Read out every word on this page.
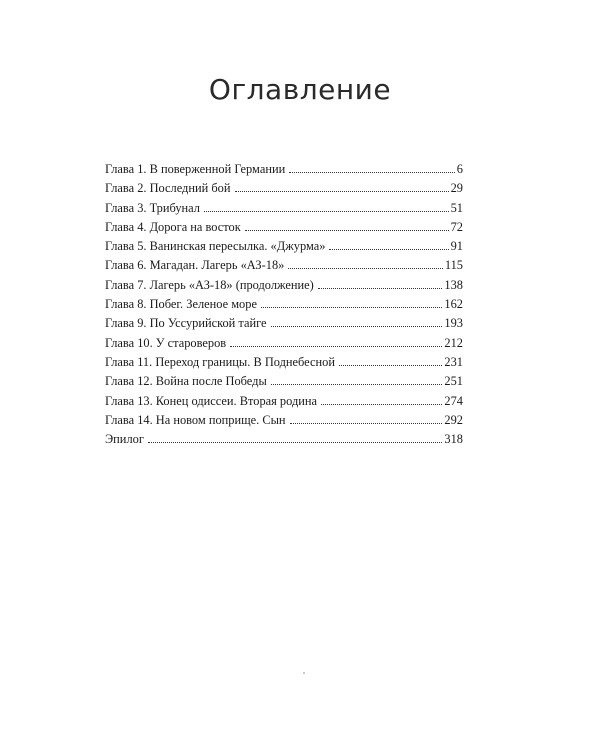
Оглавление
Глава 1. В поверженной Германии	6
Глава 2. Последний бой	29
Глава 3. Трибунал	51
Глава 4. Дорога на восток	72
Глава 5. Ванинская пересылка. «Джурма»	91
Глава 6. Магадан. Лагерь «АЗ-18»	115
Глава 7. Лагерь «АЗ-18» (продолжение)	138
Глава 8. Побег. Зеленое море	162
Глава 9. По Уссурийской тайге	193
Глава 10. У староверов	212
Глава 11. Переход границы. В Поднебесной	231
Глава 12. Война после Победы	251
Глава 13. Конец одиссеи. Вторая родина	274
Глава 14. На новом поприще. Сын	292
Эпилог	318
